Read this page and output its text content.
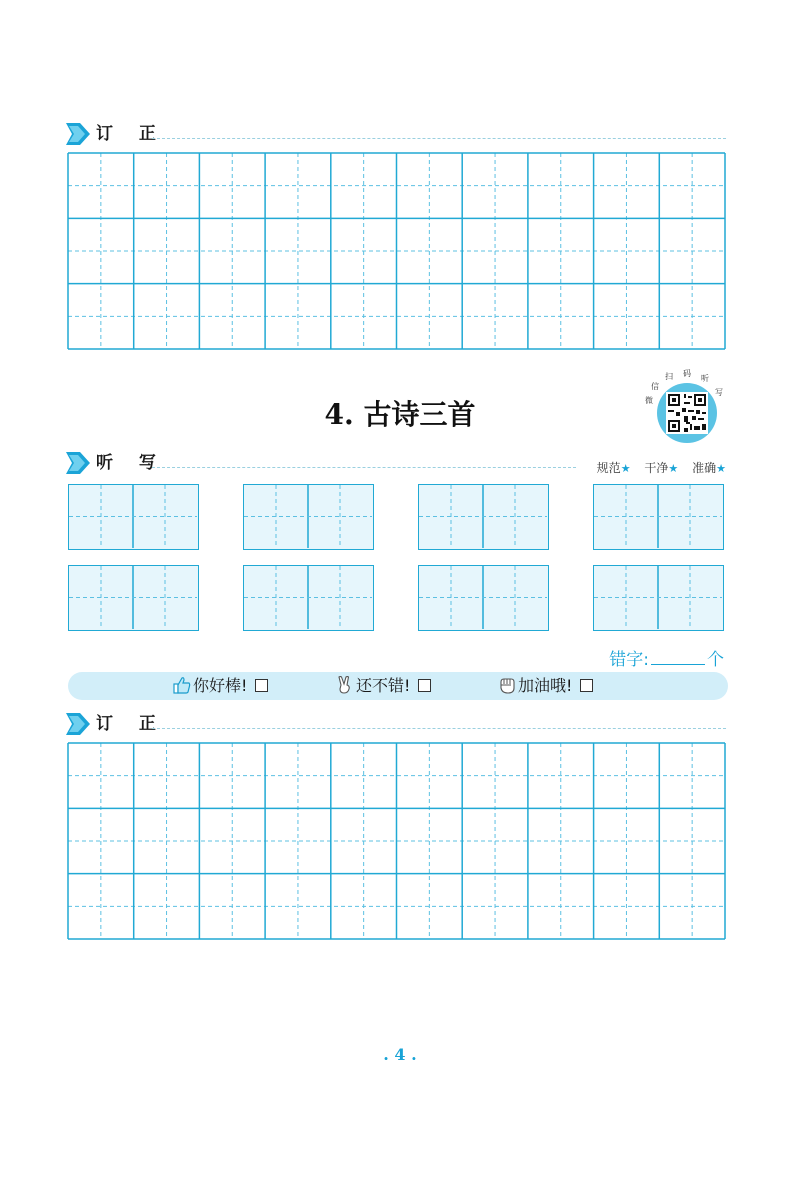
订 正
4. 古诗三首	微
信
扫 码
听
写
听 写	规范★ 干净★ 准确★
错字:	个
你好棒!	还不错!	加油哦!
订 正
. 4 .
